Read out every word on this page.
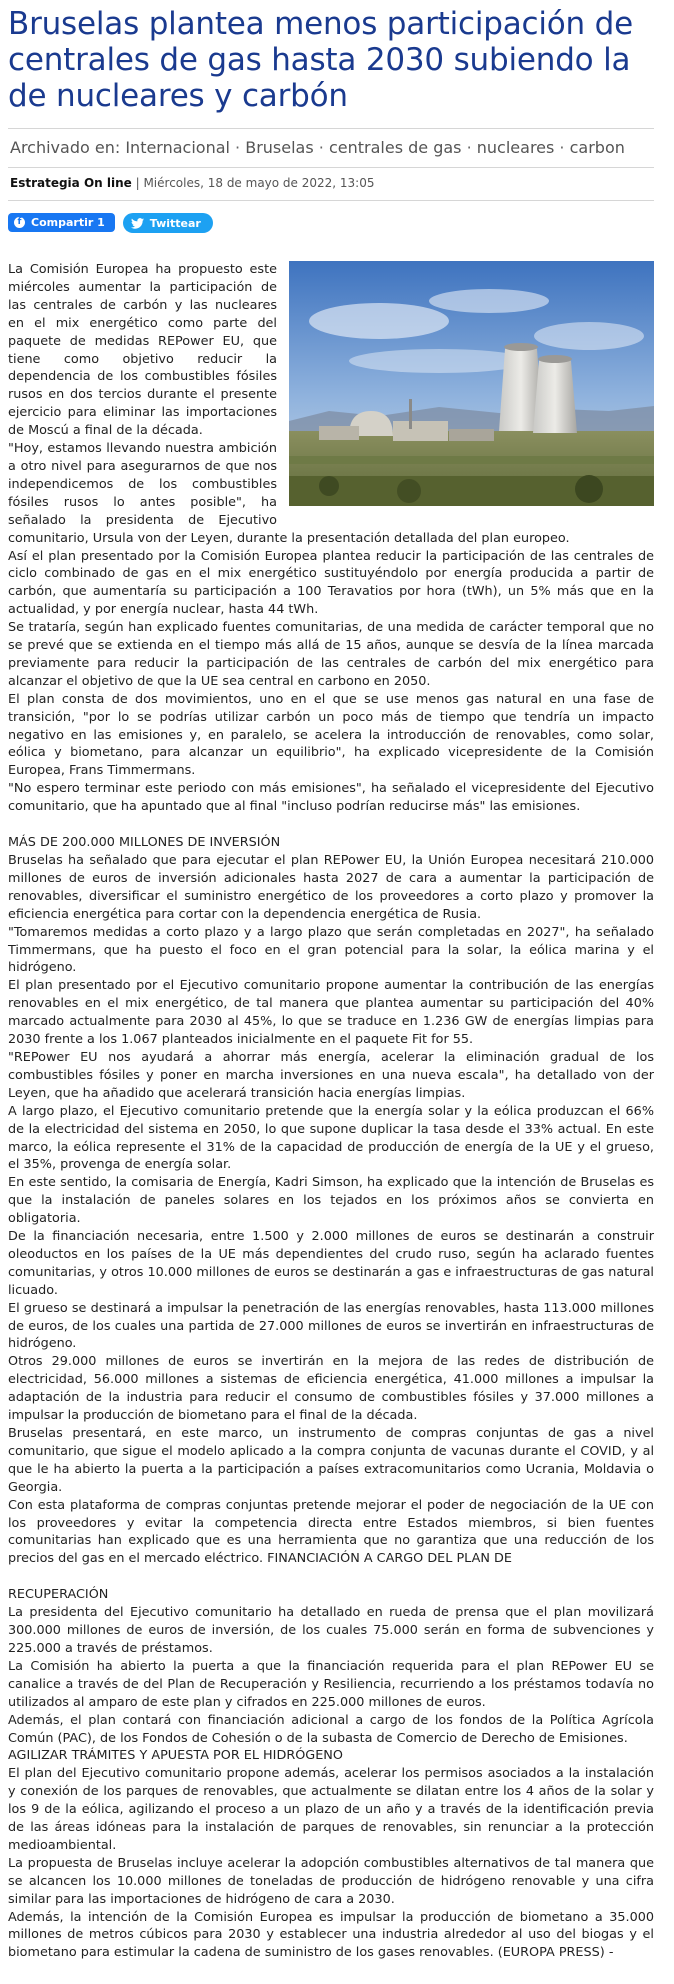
Bruselas plantea menos participación de centrales de gas hasta 2030 subiendo la de nucleares y carbón
Archivado en: Internacional · Bruselas · centrales de gas · nucleares · carbon
Estrategia On line | Miércoles, 18 de mayo de 2022, 13:05
f Compartir
1	Twittear

La Comisión Europea ha propuesto este miércoles aumentar la participación de las centrales de carbón y las nucleares en el mix energético como parte del paquete de medidas REPower EU, que tiene como objetivo reducir la dependencia de los combustibles fósiles rusos en dos tercios durante el presente ejercicio para eliminar las importaciones de Moscú a final de la década.

"Hoy, estamos llevando nuestra ambición a otro nivel para asegurarnos de que nos independicemos de los combustibles fósiles rusos lo antes posible", ha señalado la presidenta de Ejecutivo comunitario, Ursula von der Leyen, durante la presentación detallada del plan europeo.

Así el plan presentado por la Comisión Europea plantea reducir la participación de las centrales de ciclo combinado de gas en el mix energético sustituyéndolo por energía producida a partir de carbón, que aumentaría su participación a 100 Teravatios por hora (tWh), un 5% más que en la actualidad, y por energía nuclear, hasta 44 tWh.

Se trataría, según han explicado fuentes comunitarias, de una medida de carácter temporal que no se prevé que se extienda en el tiempo más allá de 15 años, aunque se desvía de la línea marcada previamente para reducir la participación de las centrales de carbón del mix energético para alcanzar el objetivo de que la UE sea central en carbono en 2050.

El plan consta de dos movimientos, uno en el que se use menos gas natural en una fase de transición, "por lo se podrías utilizar carbón un poco más de tiempo que tendría un impacto negativo en las emisiones y, en paralelo, se acelera la introducción de renovables, como solar, eólica y biometano, para alcanzar un equilibrio", ha explicado vicepresidente de la Comisión Europea, Frans Timmermans.

"No espero terminar este periodo con más emisiones", ha señalado el vicepresidente del Ejecutivo comunitario, que ha apuntado que al final "incluso podrían reducirse más" las emisiones.

MÁS DE 200.000 MILLONES DE INVERSIÓN

Bruselas ha señalado que para ejecutar el plan REPower EU, la Unión Europea necesitará 210.000 millones de euros de inversión adicionales hasta 2027 de cara a aumentar la participación de renovables, diversificar el suministro energético de los proveedores a corto plazo y promover la eficiencia energética para cortar con la dependencia energética de Rusia.

"Tomaremos medidas a corto plazo y a largo plazo que serán completadas en 2027", ha señalado Timmermans, que ha puesto el foco en el gran potencial para la solar, la eólica marina y el hidrógeno.

El plan presentado por el Ejecutivo comunitario propone aumentar la contribución de las energías renovables en el mix energético, de tal manera que plantea aumentar su participación del 40% marcado actualmente para 2030 al 45%, lo que se traduce en 1.236 GW de energías limpias para 2030 frente a los 1.067 planteados inicialmente en el paquete Fit for 55.

"REPower EU nos ayudará a ahorrar más energía, acelerar la eliminación gradual de los combustibles fósiles y poner en marcha inversiones en una nueva escala", ha detallado von der Leyen, que ha añadido que acelerará transición hacia energías limpias.

A largo plazo, el Ejecutivo comunitario pretende que la energía solar y la eólica produzcan el 66% de la electricidad del sistema en 2050, lo que supone duplicar la tasa desde el 33% actual. En este marco, la eólica represente el 31% de la capacidad de producción de energía de la UE y el grueso, el 35%, provenga de energía solar.

En este sentido, la comisaria de Energía, Kadri Simson, ha explicado que la intención de Bruselas es que la instalación de paneles solares en los tejados en los próximos años se convierta en obligatoria.

De la financiación necesaria, entre 1.500 y 2.000 millones de euros se destinarán a construir oleoductos en los países de la UE más dependientes del crudo ruso, según ha aclarado fuentes comunitarias, y otros 10.000 millones de euros se destinarán a gas e infraestructuras de gas natural licuado.

El grueso se destinará a impulsar la penetración de las energías renovables, hasta 113.000 millones de euros, de los cuales una partida de 27.000 millones de euros se invertirán en infraestructuras de hidrógeno.

Otros 29.000 millones de euros se invertirán en la mejora de las redes de distribución de electricidad, 56.000 millones a sistemas de eficiencia energética, 41.000 millones a impulsar la adaptación de la industria para reducir el consumo de combustibles fósiles y 37.000 millones a impulsar la producción de biometano para el final de la década.

Bruselas presentará, en este marco, un instrumento de compras conjuntas de gas a nivel comunitario, que sigue el modelo aplicado a la compra conjunta de vacunas durante el COVID, y al que le ha abierto la puerta a la participación a países extracomunitarios como Ucrania, Moldavia o Georgia.

Con esta plataforma de compras conjuntas pretende mejorar el poder de negociación de la UE con los proveedores y evitar la competencia directa entre Estados miembros, si bien fuentes comunitarias han explicado que es una herramienta que no garantiza que una reducción de los precios del gas en el mercado eléctrico. FINANCIACIÓN A CARGO DEL PLAN DE

RECUPERACIÓN

La presidenta del Ejecutivo comunitario ha detallado en rueda de prensa que el plan movilizará 300.000 millones de euros de inversión, de los cuales 75.000 serán en forma de subvenciones y 225.000 a través de préstamos.

La Comisión ha abierto la puerta a que la financiación requerida para el plan REPower EU se canalice a través de del Plan de Recuperación y Resiliencia, recurriendo a los préstamos todavía no utilizados al amparo de este plan y cifrados en 225.000 millones de euros.

Además, el plan contará con financiación adicional a cargo de los fondos de la Política Agrícola Común (PAC), de los Fondos de Cohesión o de la subasta de Comercio de Derecho de Emisiones.

AGILIZAR TRÁMITES Y APUESTA POR EL HIDRÓGENO

El plan del Ejecutivo comunitario propone además, acelerar los permisos asociados a la instalación y conexión de los parques de renovables, que actualmente se dilatan entre los 4 años de la solar y los 9 de la eólica, agilizando el proceso a un plazo de un año y a través de la identificación previa de las áreas idóneas para la instalación de parques de renovables, sin renunciar a la protección medioambiental.

La propuesta de Bruselas incluye acelerar la adopción combustibles alternativos de tal manera que se alcancen los 10.000 millones de toneladas de producción de hidrógeno renovable y una cifra similar para las importaciones de hidrógeno de cara a 2030.

Además, la intención de la Comisión Europea es impulsar la producción de biometano a 35.000 millones de metros cúbicos para 2030 y establecer una industria alrededor al uso del biogas y el biometano para estimular la cadena de suministro de los gases renovables. (EUROPA PRESS) -
